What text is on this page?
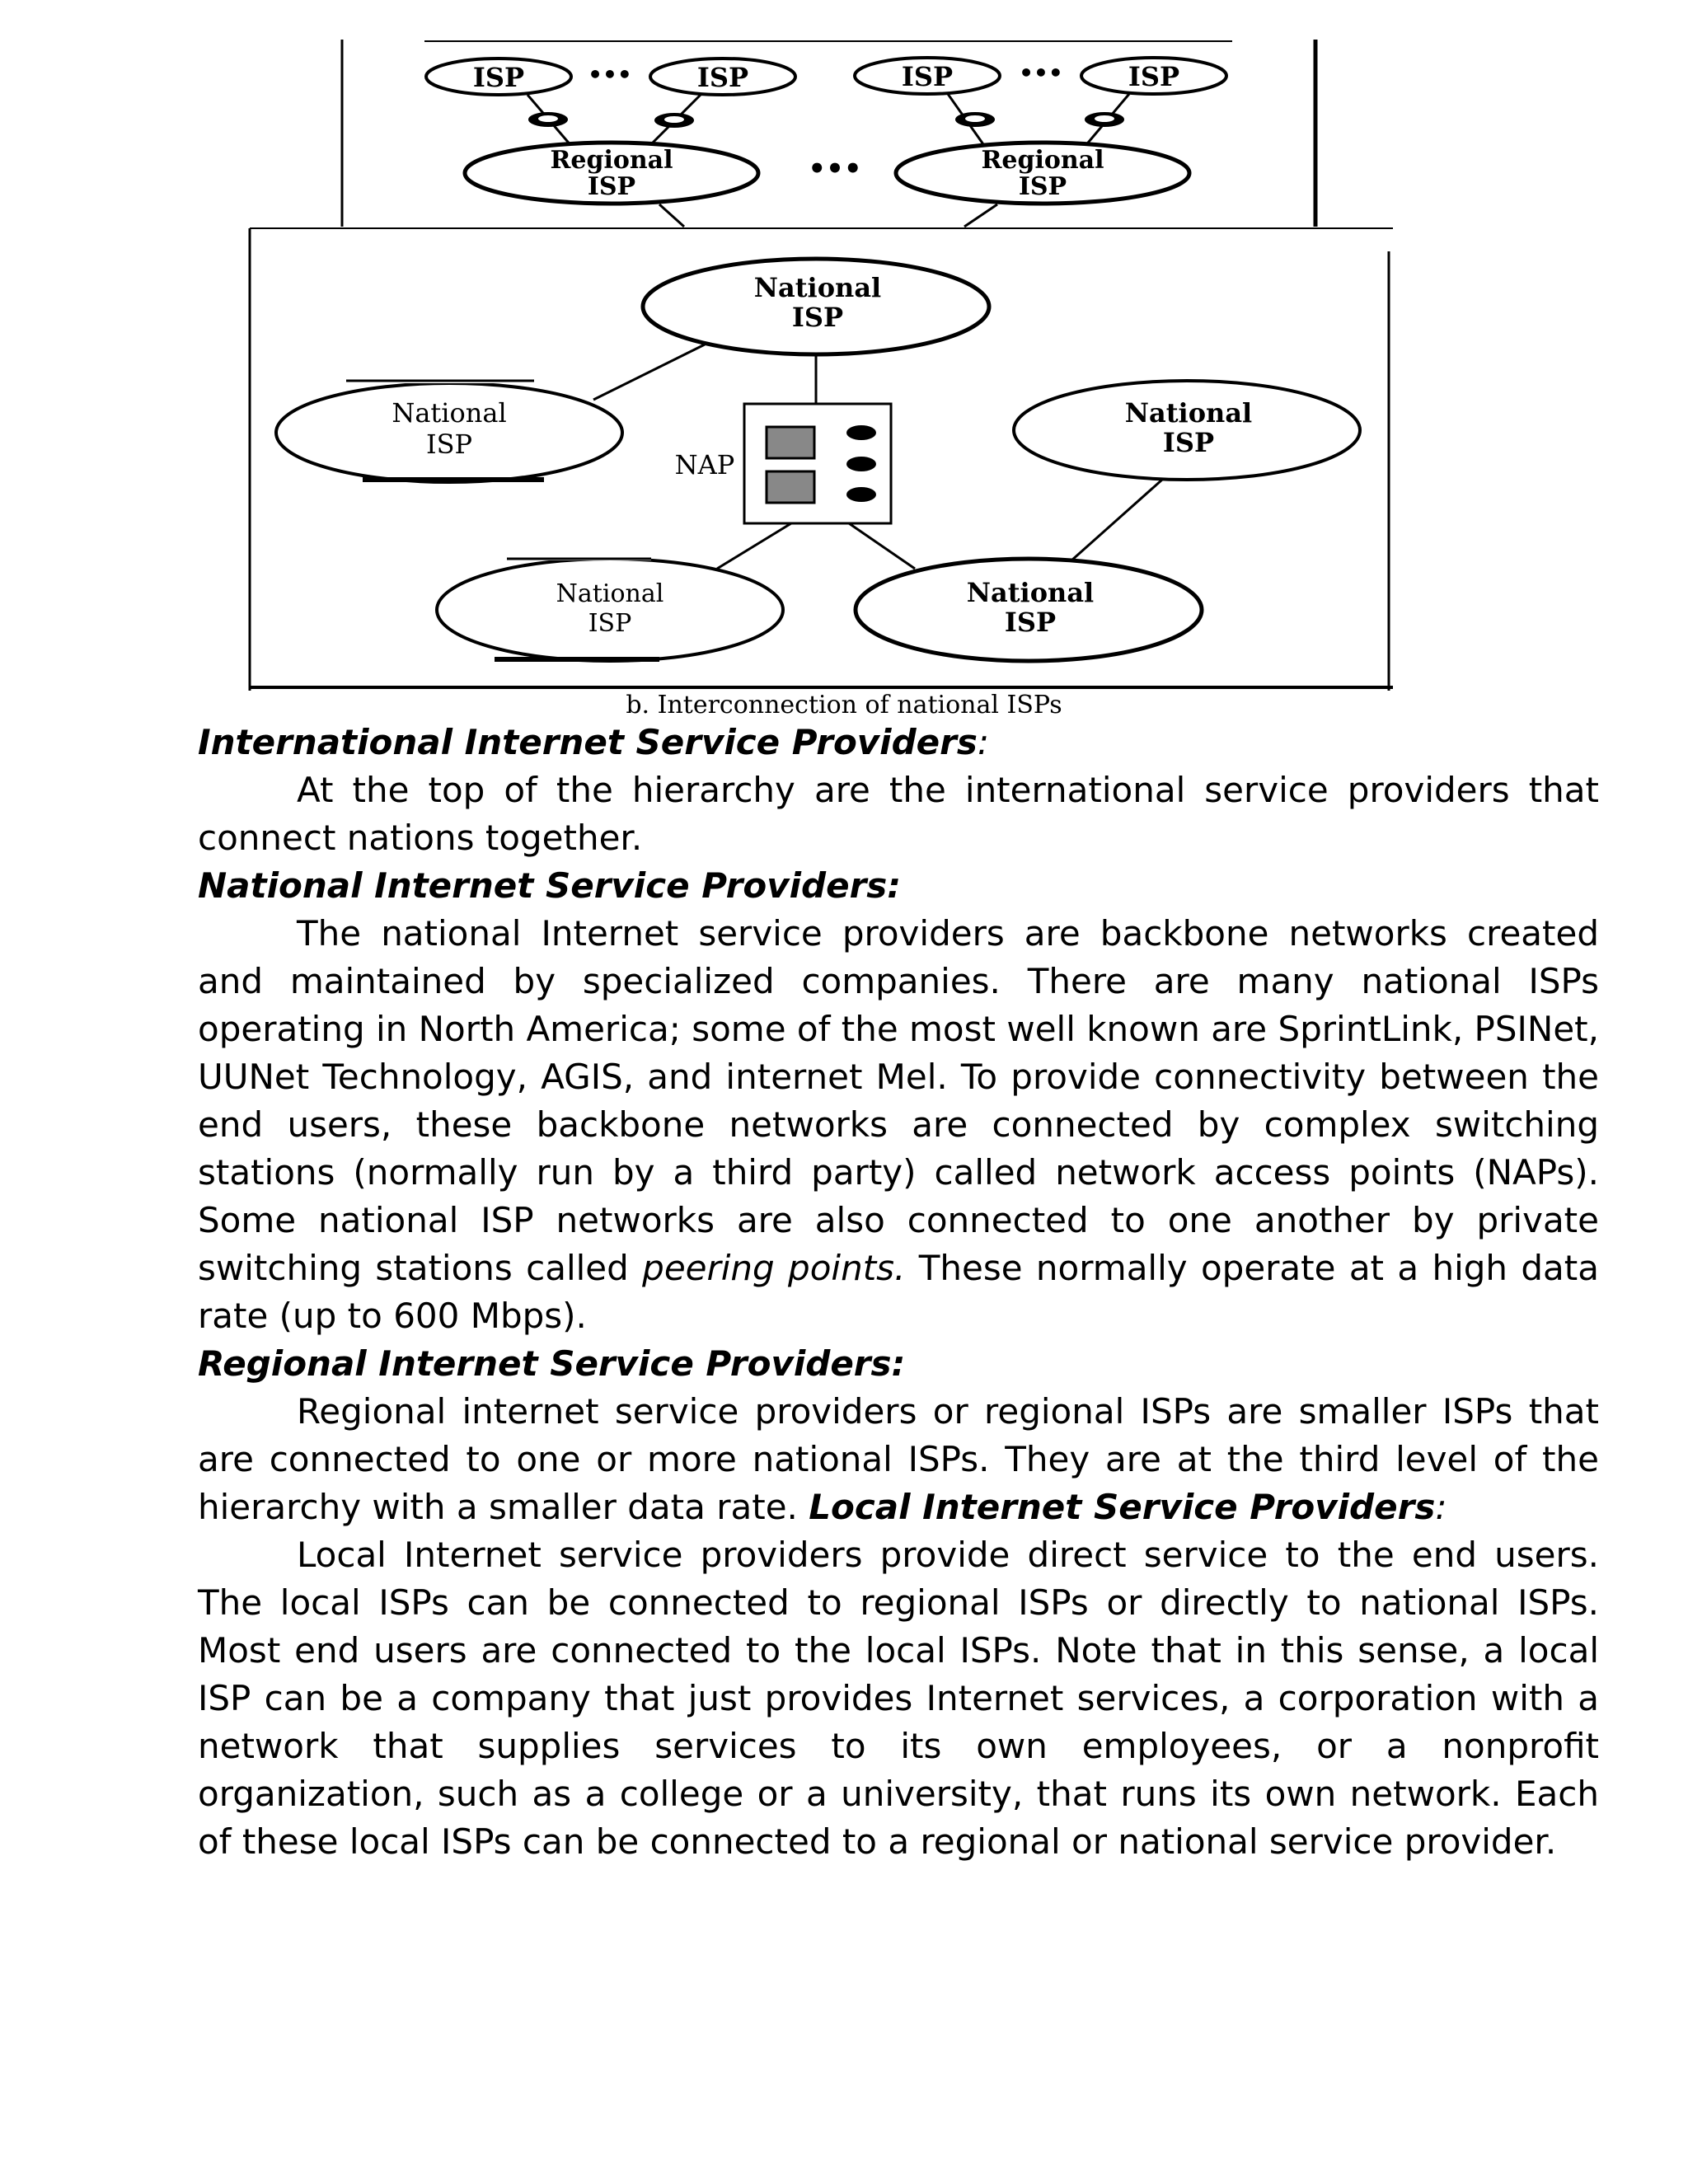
ISP	••• ISP	ISP	••• ISP
Regional
ISP
•••	Regional
ISP
National
ISP
National
ISP
National
ISP
National
ISP
National
ISP
NAP
b. Interconnection of national ISPs
International Internet Service Providers:

At the top of the hierarchy are the international service providers that connect nations together.

National Internet Service Providers:

The national Internet service providers are backbone networks created and maintained by specialized companies. There are many national ISPs operating in North America; some of the most well known are SprintLink, PSINet, UUNet Technology, AGIS, and internet Mel. To provide connectivity between the end users, these backbone networks are connected by complex switching stations (normally run by a third party) called network access points (NAPs). Some national ISP networks are also connected to one another by private switching stations called peering points. These normally operate at a high data rate (up to 600 Mbps).

Regional Internet Service Providers:

Regional internet service providers or regional ISPs are smaller ISPs that are connected to one or more national ISPs. They are at the third level of the hierarchy with a smaller data rate. Local Internet Service Providers:

Local Internet service providers provide direct service to the end users. The local ISPs can be connected to regional ISPs or directly to national ISPs. Most end users are connected to the local ISPs. Note that in this sense, a local ISP can be a company that just provides Internet services, a corporation with a network that supplies services to its own employees, or a nonprofit organization, such as a college or a university, that runs its own network. Each of these local ISPs can be connected to a regional or national service provider.
